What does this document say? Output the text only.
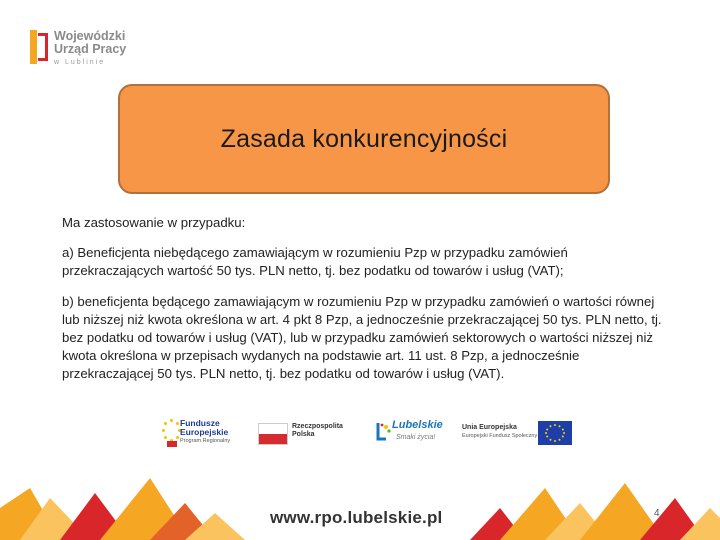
Wojewódzki
Urząd Pracy
w Lublinie
Zasada konkurencyjności

Ma zastosowanie w przypadku:

a) Beneficjenta niebędącego zamawiającym w rozumieniu Pzp w przypadku zamówień przekraczających wartość 50 tys. PLN netto, tj. bez podatku od towarów i usług (VAT);

b) beneficjenta będącego zamawiającym w rozumieniu Pzp w przypadku zamówień o wartości równej lub niższej niż kwota określona w art. 4 pkt 8 Pzp, a jednocześnie przekraczającej 50 tys. PLN netto, tj. bez podatku od towarów i usług (VAT), lub w przypadku zamówień sektorowych o wartości niższej niż kwota określona w przepisach wydanych na podstawie art. 11 ust. 8 Pzp, a jednocześnie przekraczającej 50 tys. PLN netto, tj. bez podatku od towarów i usług (VAT).

Fundusze
Europejskie
Program Regionalny
Rzeczpospolita
Polska
Lubelskie
Smaki życia!
Unia Europejska
Europejski Fundusz Społeczny
www.rpo.lubelskie.pl	4
